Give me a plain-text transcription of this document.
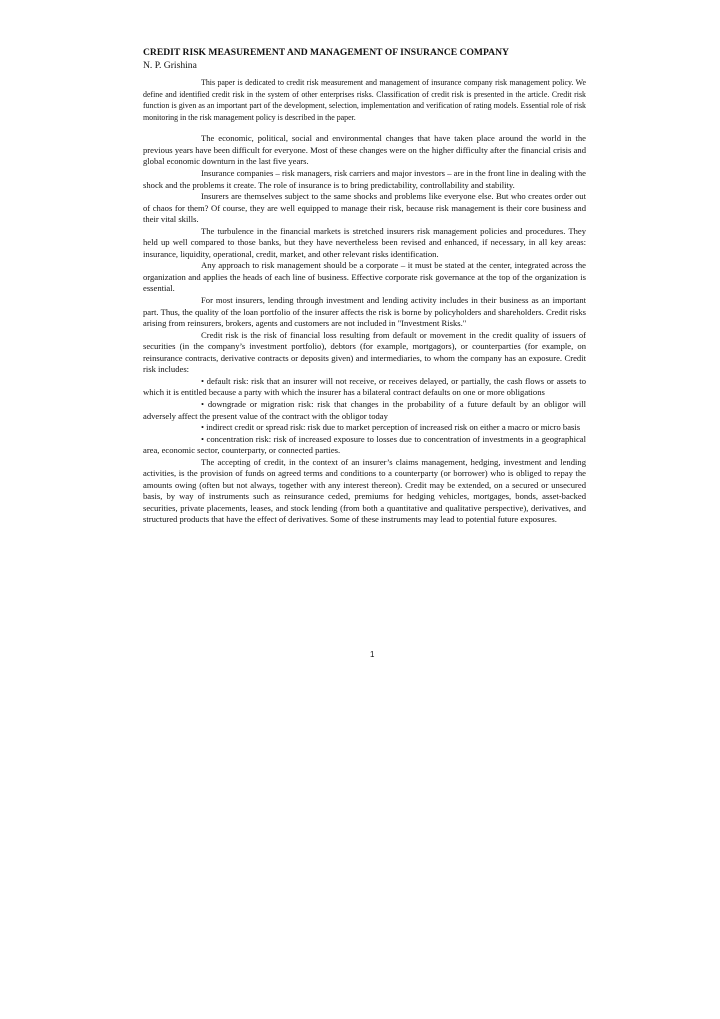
CREDIT RISK MEASUREMENT AND MANAGEMENT OF INSURANCE COMPANY
N. P. Grishina

This paper is dedicated to credit risk measurement and management of insurance company risk management policy. We define and identified credit risk in the system of other enterprises risks. Classification of credit risk is presented in the article. Credit risk function is given as an important part of the development, selection, implementation and verification of rating models. Essential role of risk monitoring in the risk management policy is described in the paper.

The economic, political, social and environmental changes that have taken place around the world in the previous years have been difficult for everyone. Most of these changes were on the higher difficulty after the financial crisis and global economic downturn in the last five years.

Insurance companies – risk managers, risk carriers and major investors – are in the front line in dealing with the shock and the problems it create. The role of insurance is to bring predictability, controllability and stability.

Insurers are themselves subject to the same shocks and problems like everyone else. But who creates order out of chaos for them? Of course, they are well equipped to manage their risk, because risk management is their core business and their vital skills.

The turbulence in the financial markets is stretched insurers risk management policies and procedures. They held up well compared to those banks, but they have nevertheless been revised and enhanced, if necessary, in all key areas: insurance, liquidity, operational, credit, market, and other relevant risks identification.

Any approach to risk management should be a corporate – it must be stated at the center, integrated across the organization and applies the heads of each line of business. Effective corporate risk governance at the top of the organization is essential.

For most insurers, lending through investment and lending activity includes in their business as an important part. Thus, the quality of the loan portfolio of the insurer affects the risk is borne by policyholders and shareholders. Credit risks arising from reinsurers, brokers, agents and customers are not included in "Investment Risks."

Credit risk is the risk of financial loss resulting from default or movement in the credit quality of issuers of securities (in the company’s investment portfolio), debtors (for example, mortgagors), or counterparties (for example, on reinsurance contracts, derivative contracts or deposits given) and intermediaries, to whom the company has an exposure. Credit risk includes:

• default risk: risk that an insurer will not receive, or receives delayed, or partially, the cash flows or assets to which it is entitled because a party with which the insurer has a bilateral contract defaults on one or more obligations

• downgrade or migration risk: risk that changes in the probability of a future default by an obligor will adversely affect the present value of the contract with the obligor today

• indirect credit or spread risk: risk due to market perception of increased risk on either a macro or micro basis

• concentration risk: risk of increased exposure to losses due to concentration of investments in a geographical area, economic sector, counterparty, or connected parties.

The accepting of credit, in the context of an insurer’s claims management, hedging, investment and lending activities, is the provision of funds on agreed terms and conditions to a counterparty (or borrower) who is obliged to repay the amounts owing (often but not always, together with any interest thereon). Credit may be extended, on a secured or unsecured basis, by way of instruments such as reinsurance ceded, premiums for hedging vehicles, mortgages, bonds, asset-backed securities, private placements, leases, and stock lending (from both a quantitative and qualitative perspective), derivatives, and structured products that have the effect of derivatives. Some of these instruments may lead to potential future exposures.

1
